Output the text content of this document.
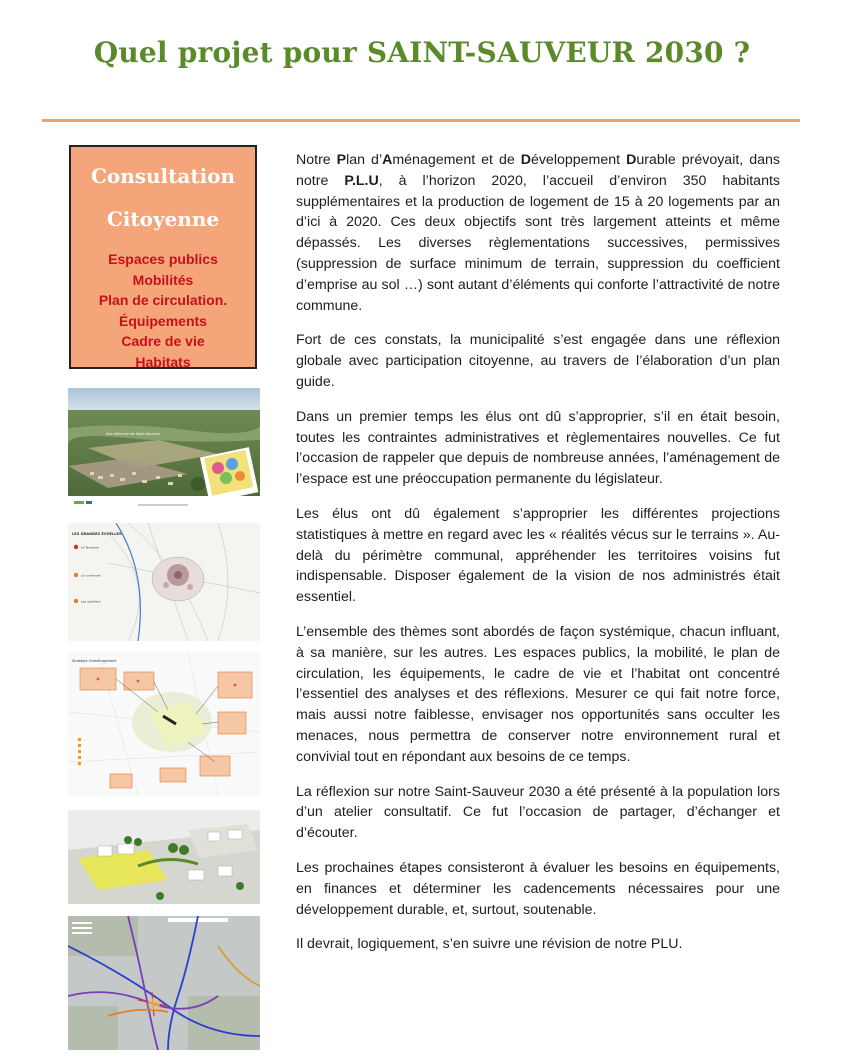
Quel projet pour SAINT-SAUVEUR 2030 ?
Consultation
Citoyenne
Espaces publics
Mobilités
Plan de circulation.
Équipements
Cadre de vie
Habitats
Vue aérienne de Saint-Sauveur
LES GRANDES ÉCHELLES
Le Territoire
La commune
Les quartiers
Stratégie d'aménagement

Notre Plan d’Aménagement et de Développement Durable prévoyait, dans notre P.L.U, à l’horizon 2020, l’accueil d’environ 350 habitants supplémentaires et la production de logement de 15 à 20 logements par an d’ici à 2020. Ces deux objectifs sont très largement atteints et même dépassés. Les diverses règlementations successives, permissives (suppression de surface minimum de terrain, suppression du coefficient d’emprise au sol …) sont autant d’éléments qui conforte l’attractivité de notre commune.

Fort de ces constats, la municipalité s’est engagée dans une réflexion globale avec participation citoyenne, au travers de l’élaboration d’un plan guide.

Dans un premier temps les élus ont dû s’approprier, s’il en était besoin, toutes les contraintes administratives et règlementaires nouvelles. Ce fut l’occasion de rappeler que depuis de nombreuse années, l’aménagement de l’espace est une préoccupation permanente du législateur.

Les élus ont dû également s’approprier les différentes projections statistiques à mettre en regard avec les « réalités vécus sur le terrains ». Au-delà du périmètre communal, appréhender les territoires voisins fut indispensable. Disposer également de la vision de nos administrés était essentiel.

L’ensemble des thèmes sont abordés de façon systémique, chacun influant, à sa manière, sur les autres. Les espaces publics, la mobilité, le plan de circulation, les équipements, le cadre de vie et l’habitat ont concentré l’essentiel des analyses et des réflexions. Mesurer ce qui fait notre force, mais aussi notre faiblesse, envisager nos opportunités sans occulter les menaces, nous permettra de conserver notre environnement rural et convivial tout en répondant aux besoins de ce temps.

La réflexion sur notre Saint-Sauveur 2030 a été présenté à la population lors d’un atelier consultatif. Ce fut l’occasion de partager, d’échanger et d’écouter.

Les prochaines étapes consisteront à évaluer les besoins en équipements, en finances et déterminer les cadencements nécessaires pour une développement durable, et, surtout, soutenable.

Il devrait, logiquement, s’en suivre une révision de notre PLU.
